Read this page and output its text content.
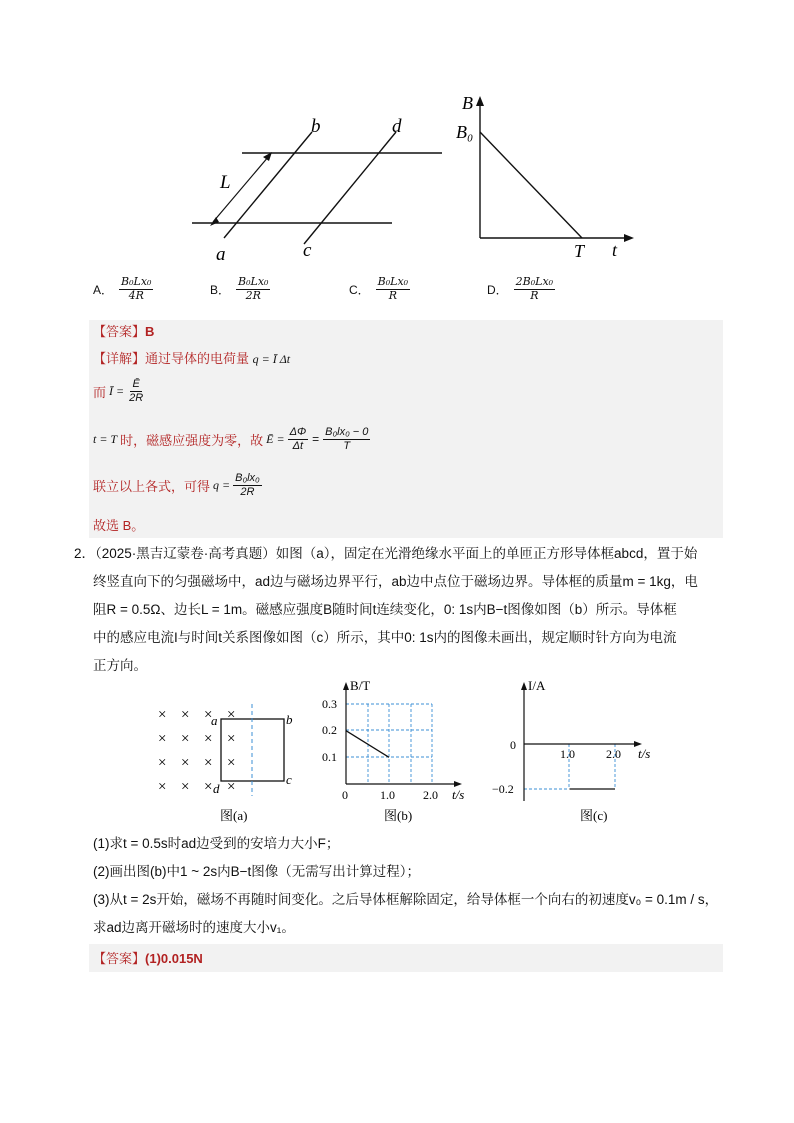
L
b	d
a	c
B
B₀
t
T
A． $\frac{\text{B₀Lx₀}}{4R}$	B． $\frac{\text{B₀Lx₀}}{2R}$	C． $\frac{\text{B₀Lx₀}}{R}$	D． $\frac{\text{2B₀Lx₀}}{R}$
【答案】B
【详解】通过导体的电荷量 q = Ī Δt
而 Ī = $\frac{Ē}{2R}$
t = T 时，磁感应强度为零，故 Ē = $\frac{\Delta\Phi}{\Delta t} = \frac{\text{B₀lx₀ − 0}}{T}$
联立以上各式，可得 $q = \frac{\text{B₀lx₀}}{2R}$
故选 B。
2．（2025·黑吉辽蒙卷·高考真题）如图（a），固定在光滑绝缘水平面上的单匝正方形导体框abcd，置于始
终竖直向下的匀强磁场中，ad边与磁场边界平行，ab边中点位于磁场边界。导体框的质量m = 1kg，电
阻R = 0.5Ω、边长L = 1m。磁感应强度B随时间t连续变化，0: 1s内B−t图像如图（b）所示。导体框
中的感应电流I与时间t关系图像如图（c）所示，其中0: 1s内的图像未画出，规定顺时针方向为电流
正方向。
× × × ×
× × × ×
× × × ×
× × × ×
a	b
c
d
图(a)
B/T
0.3
0.2
0.1
0	1.0 2.0 t/s
图(b)
I/A
0
−0.2
1.0	2.0 t/s
图(c)
(1)求t = 0.5s时ad边受到的安培力大小F；
(2)画出图(b)中1 ~ 2s内B−t图像（无需写出计算过程）；
(3)从t = 2s开始，磁场不再随时间变化。之后导体框解除固定，给导体框一个向右的初速度v₀ = 0.1m / s，
求ad边离开磁场时的速度大小v₁。
【答案】(1)0.015N
